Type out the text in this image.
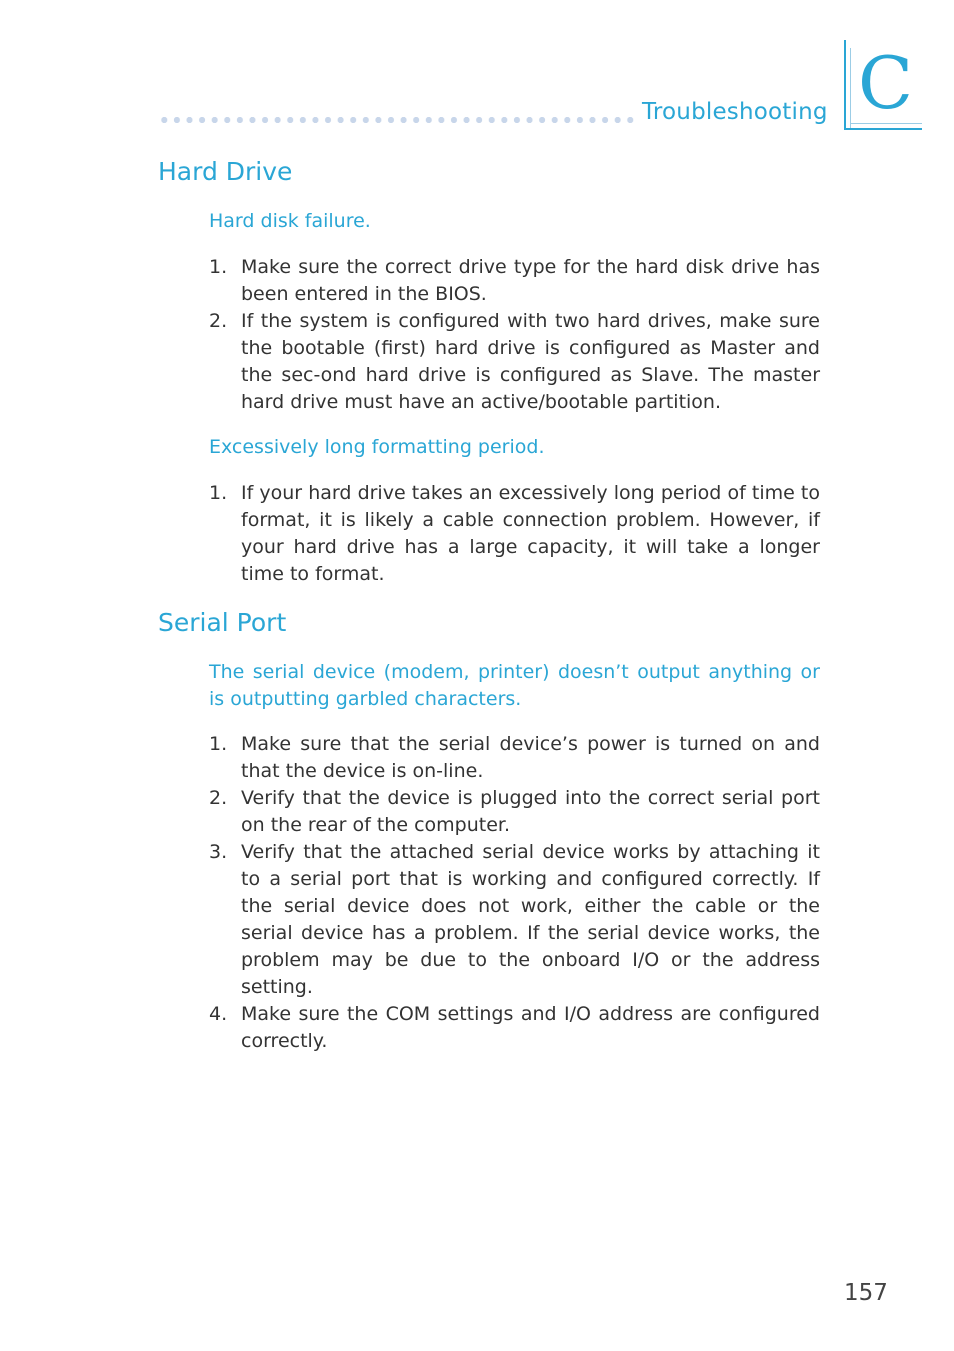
Troubleshooting C
Hard Drive
Hard disk failure.
1. Make sure the correct drive type for the hard disk drive has been entered in the BIOS.
2. If the system is configured with two hard drives, make sure the bootable (first) hard drive is configured as Master and the sec-ond hard drive is configured as Slave. The master hard drive must have an active/bootable partition.
Excessively long formatting period.
1. If your hard drive takes an excessively long period of time to format, it is likely a cable connection problem. However, if your hard drive has a large capacity, it will take a longer time to format.
Serial Port
The serial device (modem, printer) doesn’t output anything or is outputting garbled characters.
1. Make sure that the serial device’s power is turned on and that the device is on-line.
2. Verify that the device is plugged into the correct serial port on the rear of the computer.
3. Verify that the attached serial device works by attaching it to a serial port that is working and configured correctly. If the serial device does not work, either the cable or the serial device has a problem. If the serial device works, the problem may be due to the onboard I/O or the address setting.
4. Make sure the COM settings and I/O address are configured correctly.
157
